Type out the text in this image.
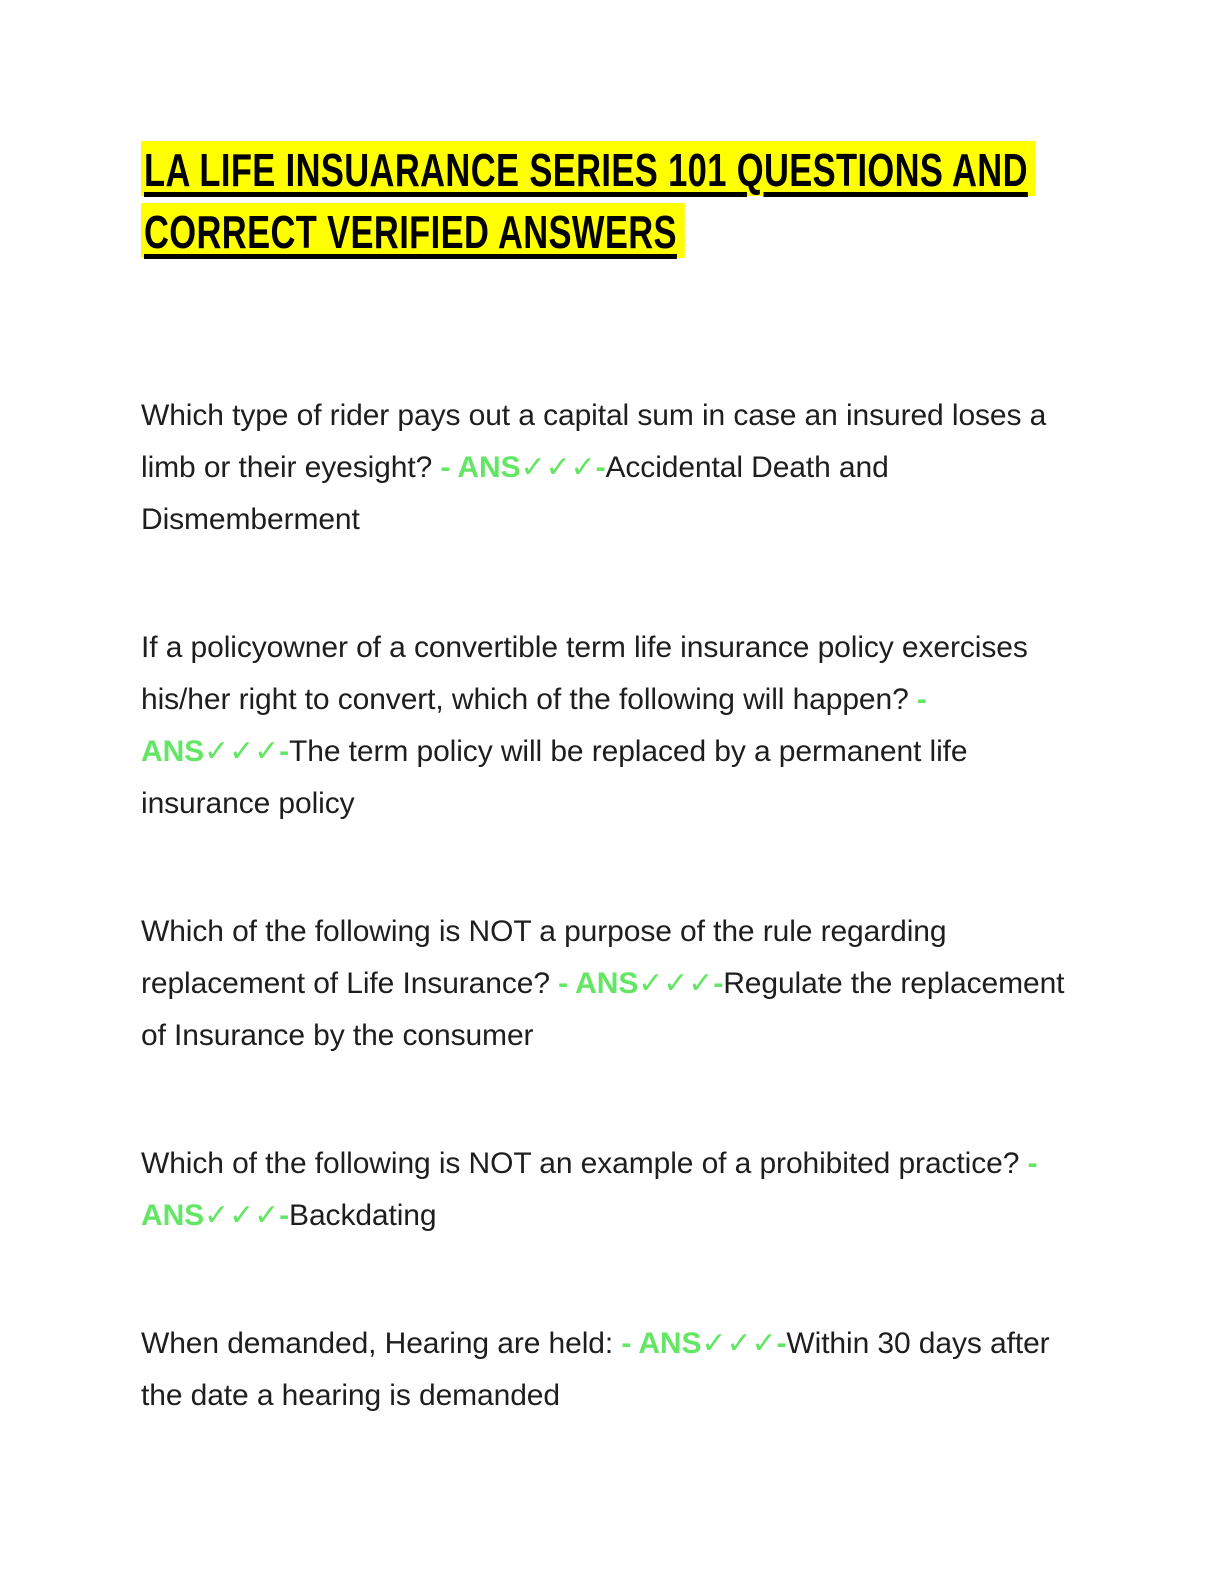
LA LIFE INSUARANCE SERIES 101 QUESTIONS AND
CORRECT VERIFIED ANSWERS

Which type of rider pays out a capital sum in case an insured loses a limb or their eyesight? - ANS✓✓✓-Accidental Death and Dismemberment

If a policyowner of a convertible term life insurance policy exercises his/her right to convert, which of the following will happen? - ANS✓✓✓-The term policy will be replaced by a permanent life insurance policy

Which of the following is NOT a purpose of the rule regarding replacement of Life Insurance? - ANS✓✓✓-Regulate the replacement of Insurance by the consumer

Which of the following is NOT an example of a prohibited practice? - ANS✓✓✓-Backdating

When demanded, Hearing are held: - ANS✓✓✓-Within 30 days after the date a hearing is demanded
